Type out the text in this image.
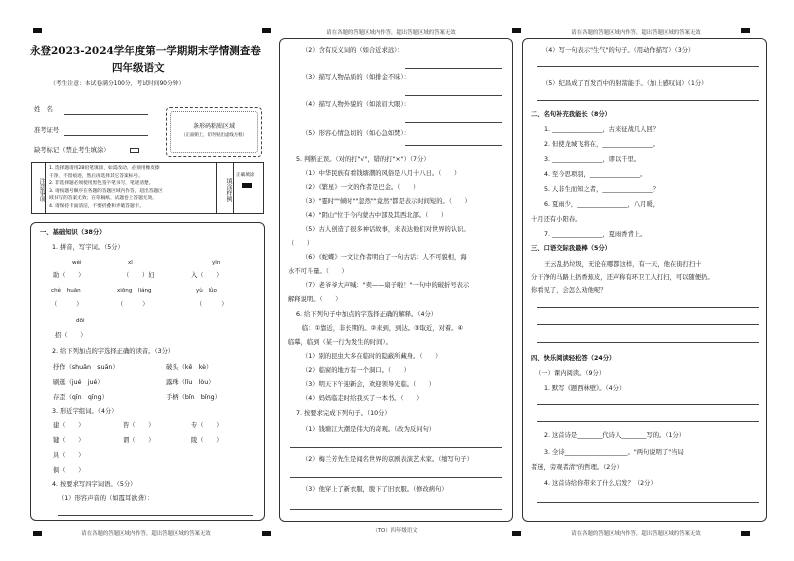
请在各题的答题区域内作答，超出答题区域的答案无效	请在各题的答题区域内作答，超出答题区域的答案无效
请在各题的答题区域内作答，超出答题区域的答案无效	请在各题的答题区域内作答，超出答题区域的答案无效
（TO）四年级语文
永登2023-2024学年度第一学期期末学情测查卷
四年级语文
（考生注意：本试卷满分100分，考试时间90分钟）
姓　名
准考证号
缺考标记（禁止考生填涂）
条形码粘贴区域
（正面朝上，切勿贴出虚线方框）
注意事项
1. 选择题请用2B铅笔填涂，如需改动，必须用橡皮擦
干净，不留痕迹，然后再选择其它答案标号。
2. 非选择题必须使用黑色签字笔书写，笔迹清楚。
3. 请按题号顺序在各题的答题区域内作答，超出答题区
域书写的答案无效；在草稿纸、试题卷上答题无效。
4. 请保持卡面清洁，不要折叠和弄破答题卡。
填涂样例
正确填涂
一、基础知识（38分）
1. 拼音，写字词。（5分）
wèi	xī	yīn
助（　　）	（　　）妇	入（　　）
chè　huān	xiōng　liáng	yù　lǜo
（　　　）	（　　　）	（　　　）
dōi
招（　　）
2. 给下列加点的字选择正确的读音。（3分）
抒作（shuān　suān）	破头（kē　kè）
刷逛（jué　jué）	露珠（lǐu　lòu）
存歪（qīn　qīng）	手柄（bǐn　bǐng）
3. 形近字组词。（4分）
建（　　）	咨（　　）	专（　　）
键（　　）	谓（　　）	陵（　　）
具（　　）
俱（　　）
4. 按要求写四字词语。（5分）
（1）形容声音的（如霞耳欲聋）：
（2）含有反义词的（如合近求远）：
（3）描写人物品质的（如排金不昧）：
（4）描写人物外貌的（如浓眉大眼）：
（5）形容心情急切的（如心急如焚）：
5. 判断正误。（对的打"√"，错的打"×"）（7分）
（1）中华民族有看钱塘潮的风俗是八月十八日。（　　）
（2）《繁星》一文的作者是巴金。（　　）
（3）"霎时""倾时""忽然""竟然"都是表示时间短的。（　　）
（4）"阴山"位于今内蒙古中部及其西北部。（　　）
（5）古人创造了很多神话故事，来表达他们对世界的认识。
（　　）
（6）《蛇蝶》一文让作者明白了一句古话：人不可貌相，海
水不可斗量。（　　）
（7）老爷爷大声喊："卖——扇子啦！"一句中的破折号表示
解释说明。（　　）
6. 给下列句子中加点的字选择正确的解释。（4分）
临：①靠近，非长期的。②来到，到达。③取近，对着。④
临摹，临到（某一行为发生的时间）。
（1）别的昆虫大多在临时的隐蔽所藏身。（　　）
（2）临窗的地方有一个洞口。（　　）
（3）明天下午迎新会，欢迎领导光临。（　　）
（4）妈妈临走时给我买了一本书。（　　）
7. 按要求完成下列句子。（10分）
（1）钱塘江大潮是伟大的奇观。（改为反问句）
（2）梅兰芳先生是闻名世界的京剧表演艺术家。（缩写句子）
（3）他穿上了新衣服，脱下了旧衣服。（修改病句）
（4）写一句表示"生气"的句子。（用动作描写）（3分）
（5）纪昌成了百发百中的射箭能手。（加上感叹词）（1分）
二、名句补充我能长（8分）
1. ________________，古来征战几人回？
2. 但使龙城飞将在，________________。
3. ________________，谬以千里。
4. 至今思项羽，________________。
5. 人非生而知之者，________________？
6. 夏雨少，________________，八月暖，
十月还有小阳春。
7. ________________，夏雨香背上。
三、口语交际我最棒（5分）
王云乱扔垃圾，无论在哪都这样，有一天，他在街打扫十
分干净的马路上扔香蕉皮，还声称有环卫工人打扫，可以随便扔。
你看见了，会怎么劝他呢？
四、快乐阅读轻松答（24分）
（一）课内阅读。（9分）
1. 默写《题西林壁》。（4分）
2. 这首诗是________代诗人________写的。（1分）
3. 全诗____________________。"两句说明了"当局
者迷，旁观者清"的哲理。（2分）
4. 这首诗给你带来了什么启发？（2分）
